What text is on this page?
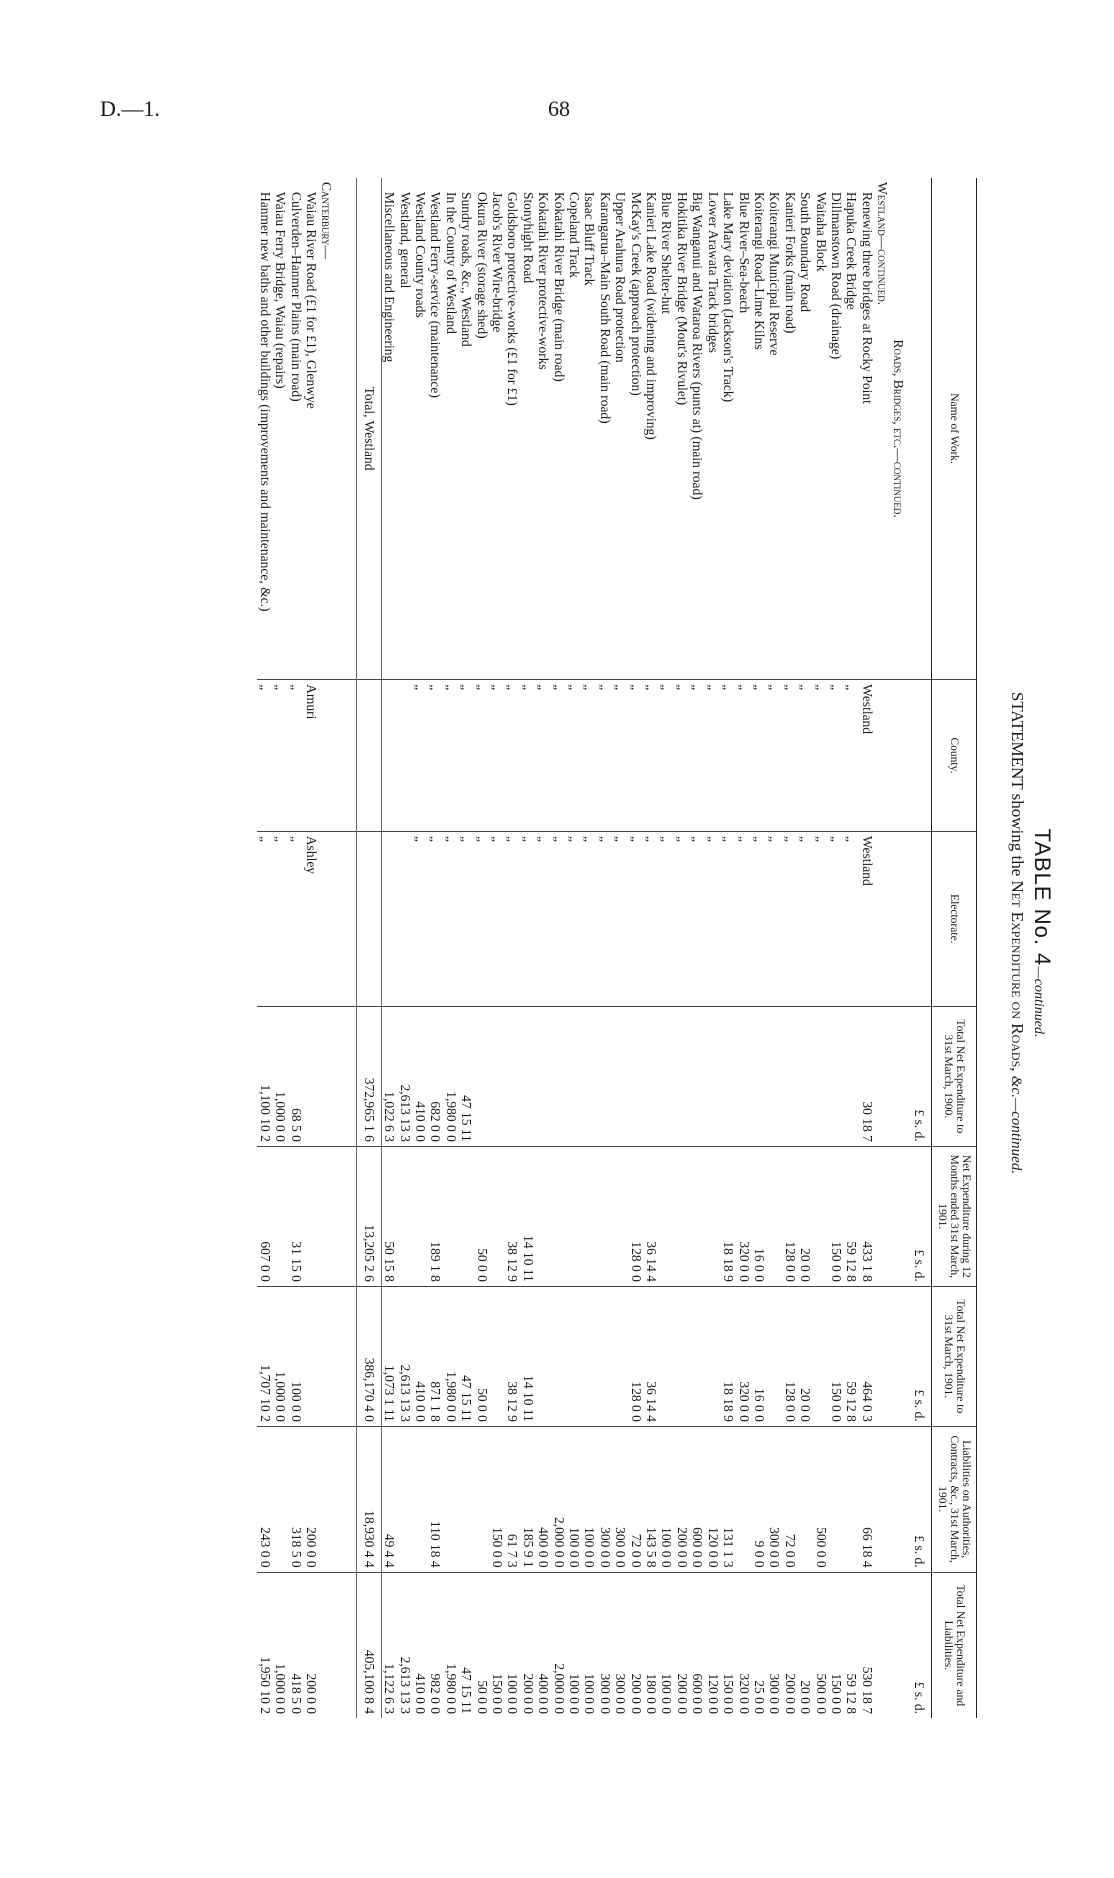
D.—1.	68
TABLE No. 4—continued.
STATEMENT showing the Net Expenditure on Roads, &c.—continued.
Name of Work.	County.	Electorate.	Total Net Expenditure to 31st March, 1900.	Net Expenditure during 12 Months ended 31st March, 1901.	Total Net Expenditure to 31st March, 1901.	Liabilities on Authorities, Contracts, &c., 31st March, 1901.	Total Net Expenditure and Liabilities.
			£ s. d.	£ s. d.	£ s. d.	£ s. d.	£ s. d.
Roads, Bridges, etc.—continued.							
Westland—continued.							
Renewing three bridges at Rocky Point	Westland	Westland	30 18 7	433 1 8	464 0 3	66 18 4	530 18 7
Hapuka Creek Bridge	„	„		59 12 8	59 12 8		59 12 8
Dillmanstown Road (drainage)	„	„		150 0 0	150 0 0		150 0 0
Waitaha Block	„	„				500 0 0	500 0 0
South Boundary Road	„	„		20 0 0	20 0 0		20 0 0
Kanieri Forks (main road)	„	„		128 0 0	128 0 0	72 0 0	200 0 0
Koiterangi Municipal Reserve	„	„				300 0 0	300 0 0
Koiterangi Road–Lime Kilns	„	„		16 0 0	16 0 0	9 0 0	25 0 0
Blue River–Sea-beach	„	„		320 0 0	320 0 0		320 0 0
Lake Mary deviation (Jackson's Track)	„	„		18 18 9	18 18 9	131 1 3	150 0 0
Lower Arawata Track bridges	„	„				120 0 0	120 0 0
Big Wanganui and Wataroa Rivers (punts at) (main road)	„	„				600 0 0	600 0 0
Hokitika River Bridge (Mout's Rivulet)	„	„				200 0 0	200 0 0
Blue River Shelter-hut	„	„				100 0 0	100 0 0
Kanieri Lake Road (widening and improving)	„	„		36 14 4	36 14 4	143 5 8	180 0 0
McKay's Creek (approach protection)	„	„		128 0 0	128 0 0	72 0 0	200 0 0
Upper Arahura Road protection	„	„				300 0 0	300 0 0
Karangarua–Main South Road (main road)	„	„				300 0 0	300 0 0
Isaac Bluff Track	„	„				100 0 0	100 0 0
Copeland Track	„	„				100 0 0	100 0 0
Kokatahi River Bridge (main road)	„	„				2,000 0 0	2,000 0 0
Kokatahi River protective-works	„	„				400 0 0	400 0 0
Stonyhight Road	„	„		14 10 11	14 10 11	185 9 1	200 0 0
Goldsboro protective-works (£1 for £1)	„	„		38 12 9	38 12 9	61 7 3	100 0 0
Jacob's River Wire-bridge	„	„				150 0 0	150 0 0
Okura River (storage shed)	„	„		50 0 0	50 0 0		50 0 0
Sundry roads, &c., Westland	„	„	47 15 11		47 15 11		47 15 11
In the County of Westland	„	„	1,980 0 0		1,980 0 0		1,980 0 0
Westland Ferry-service (maintenance)	„	„	682 0 0	189 1 8	871 1 8	110 18 4	982 0 0
Westland County roads	„	„	410 0 0		410 0 0		410 0 0
Westland, general			2,613 13 3		2,613 13 3		2,613 13 3
Miscellaneous and Engineering			1,022 6 3	50 15 8	1,073 1 11	49 4 4	1,122 6 3
Total, Westland			372,965 1 6	13,205 2 6	386,170 4 0	18,930 4 4	405,100 8 4

Canterbury—							
Waiau River Road (£1 for £1), Glenwye	Amuri	Ashley				200 0 0	200 0 0
Culverden–Hanmer Plains (main road)	„	„	68 5 0	31 15 0	100 0 0	318 5 0	418 5 0
Waiau Ferry Bridge, Waiau (repairs)	„	„	1,000 0 0		1,000 0 0		1,000 0 0
Hanmer new baths and other buildings (improvements and maintenance, &c.)	„	„	1,100 10 2	607 0 0	1,707 10 2	243 0 0	1,950 10 2
